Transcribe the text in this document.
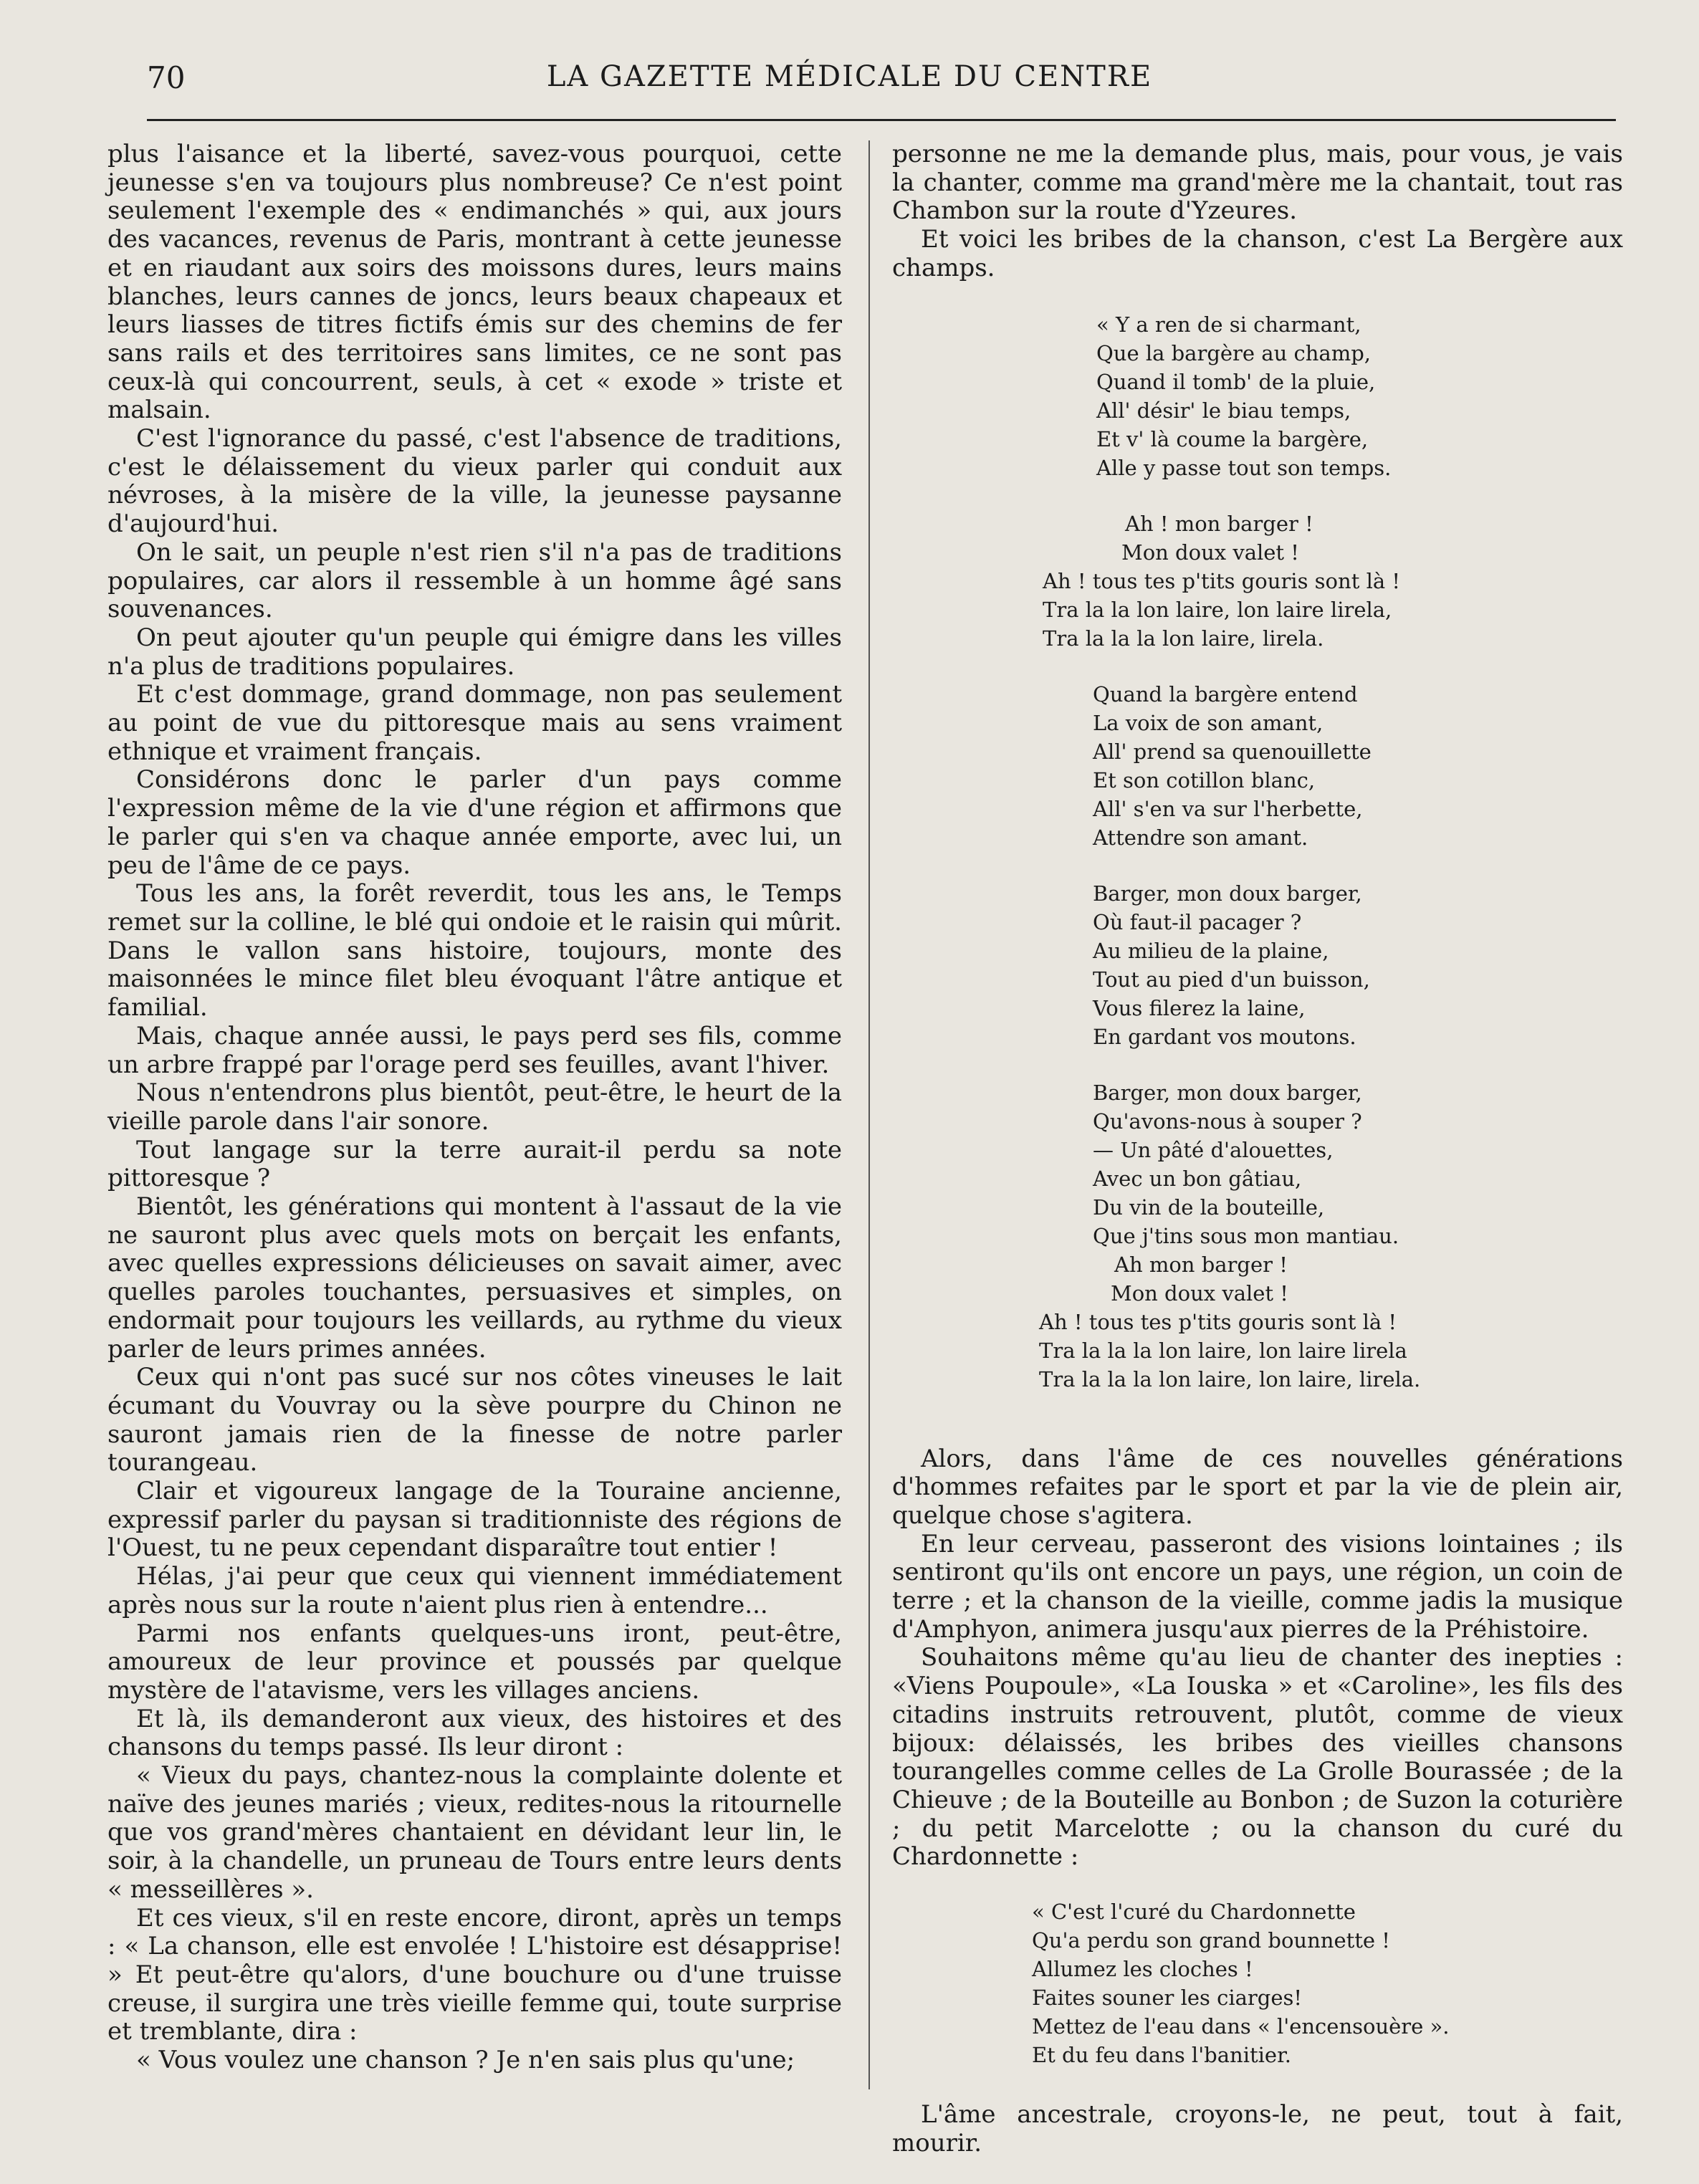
70	LA GAZETTE MÉDICALE DU CENTRE

plus l'aisance et la liberté, savez-vous pourquoi, cette jeunesse s'en va toujours plus nombreuse? Ce n'est point seulement l'exemple des « endimanchés » qui, aux jours des vacances, revenus de Paris, montrant à cette jeunesse et en riaudant aux soirs des moissons dures, leurs mains blanches, leurs cannes de joncs, leurs beaux chapeaux et leurs liasses de titres fictifs émis sur des chemins de fer sans rails et des territoires sans limites, ce ne sont pas ceux-là qui concourrent, seuls, à cet « exode » triste et malsain.

C'est l'ignorance du passé, c'est l'absence de traditions, c'est le délaissement du vieux parler qui conduit aux névroses, à la misère de la ville, la jeunesse paysanne d'aujourd'hui.

On le sait, un peuple n'est rien s'il n'a pas de traditions populaires, car alors il ressemble à un homme âgé sans souvenances.

On peut ajouter qu'un peuple qui émigre dans les villes n'a plus de traditions populaires.

Et c'est dommage, grand dommage, non pas seulement au point de vue du pittoresque mais au sens vraiment ethnique et vraiment français.

Considérons donc le parler d'un pays comme l'expression même de la vie d'une région et affirmons que le parler qui s'en va chaque année emporte, avec lui, un peu de l'âme de ce pays.

Tous les ans, la forêt reverdit, tous les ans, le Temps remet sur la colline, le blé qui ondoie et le raisin qui mûrit. Dans le vallon sans histoire, toujours, monte des maisonnées le mince filet bleu évoquant l'âtre antique et familial.

Mais, chaque année aussi, le pays perd ses fils, comme un arbre frappé par l'orage perd ses feuilles, avant l'hiver.

Nous n'entendrons plus bientôt, peut-être, le heurt de la vieille parole dans l'air sonore.

Tout langage sur la terre aurait-il perdu sa note pittoresque ?

Bientôt, les générations qui montent à l'assaut de la vie ne sauront plus avec quels mots on berçait les enfants, avec quelles expressions délicieuses on savait aimer, avec quelles paroles touchantes, persuasives et simples, on endormait pour toujours les veillards, au rythme du vieux parler de leurs primes années.

Ceux qui n'ont pas sucé sur nos côtes vineuses le lait écumant du Vouvray ou la sève pourpre du Chinon ne sauront jamais rien de la finesse de notre parler tourangeau.

Clair et vigoureux langage de la Touraine ancienne, expressif parler du paysan si traditionniste des régions de l'Ouest, tu ne peux cependant disparaître tout entier !

Hélas, j'ai peur que ceux qui viennent immédiatement après nous sur la route n'aient plus rien à entendre...

Parmi nos enfants quelques-uns iront, peut-être, amoureux de leur province et poussés par quelque mystère de l'atavisme, vers les villages anciens.

Et là, ils demanderont aux vieux, des histoires et des chansons du temps passé. Ils leur diront :

« Vieux du pays, chantez-nous la complainte dolente et naïve des jeunes mariés ; vieux, redites-nous la ritournelle que vos grand'mères chantaient en dévidant leur lin, le soir, à la chandelle, un pruneau de Tours entre leurs dents « messeillères ».

Et ces vieux, s'il en reste encore, diront, après un temps : « La chanson, elle est envolée ! L'histoire est désapprise! » Et peut-être qu'alors, d'une bouchure ou d'une truisse creuse, il surgira une très vieille femme qui, toute surprise et tremblante, dira :

« Vous voulez une chanson ? Je n'en sais plus qu'une;

personne ne me la demande plus, mais, pour vous, je vais la chanter, comme ma grand'mère me la chantait, tout ras Chambon sur la route d'Yzeures.

Et voici les bribes de la chanson, c'est La Bergère aux champs.

« Y a ren de si charmant,
Que la bargère au champ,
Quand il tomb' de la pluie,
All' désir' le biau temps,
Et v' là coume la bargère,
Alle y passe tout son temps.
Ah ! mon barger !
Mon doux valet !
Ah ! tous tes p'tits gouris sont là !
Tra la la lon laire, lon laire lirela,
Tra la la la lon laire, lirela.
Quand la bargère entend
La voix de son amant,
All' prend sa quenouillette
Et son cotillon blanc,
All' s'en va sur l'herbette,
Attendre son amant.
Barger, mon doux barger,
Où faut-il pacager ?
Au milieu de la plaine,
Tout au pied d'un buisson,
Vous filerez la laine,
En gardant vos moutons.
Barger, mon doux barger,
Qu'avons-nous à souper ?
— Un pâté d'alouettes,
Avec un bon gâtiau,
Du vin de la bouteille,
Que j'tins sous mon mantiau.
Ah mon barger !
Mon doux valet !
Ah ! tous tes p'tits gouris sont là !
Tra la la la lon laire, lon laire lirela
Tra la la la lon laire, lon laire, lirela.

Alors, dans l'âme de ces nouvelles générations d'hommes refaites par le sport et par la vie de plein air, quelque chose s'agitera.

En leur cerveau, passeront des visions lointaines ; ils sentiront qu'ils ont encore un pays, une région, un coin de terre ; et la chanson de la vieille, comme jadis la musique d'Amphyon, animera jusqu'aux pierres de la Préhistoire.

Souhaitons même qu'au lieu de chanter des inepties : «Viens Poupoule», «La Iouska » et «Caroline», les fils des citadins instruits retrouvent, plutôt, comme de vieux bijoux: délaissés, les bribes des vieilles chansons tourangelles comme celles de La Grolle Bourassée ; de la Chieuve ; de la Bouteille au Bonbon ; de Suzon la coturière ; du petit Marcelotte ; ou la chanson du curé du Chardonnette :

« C'est l'curé du Chardonnette
Qu'a perdu son grand bounnette !
Allumez les cloches !
Faites souner les ciarges!
Mettez de l'eau dans « l'encensouère ».
Et du feu dans l'banitier.

L'âme ancestrale, croyons-le, ne peut, tout à fait, mourir.
